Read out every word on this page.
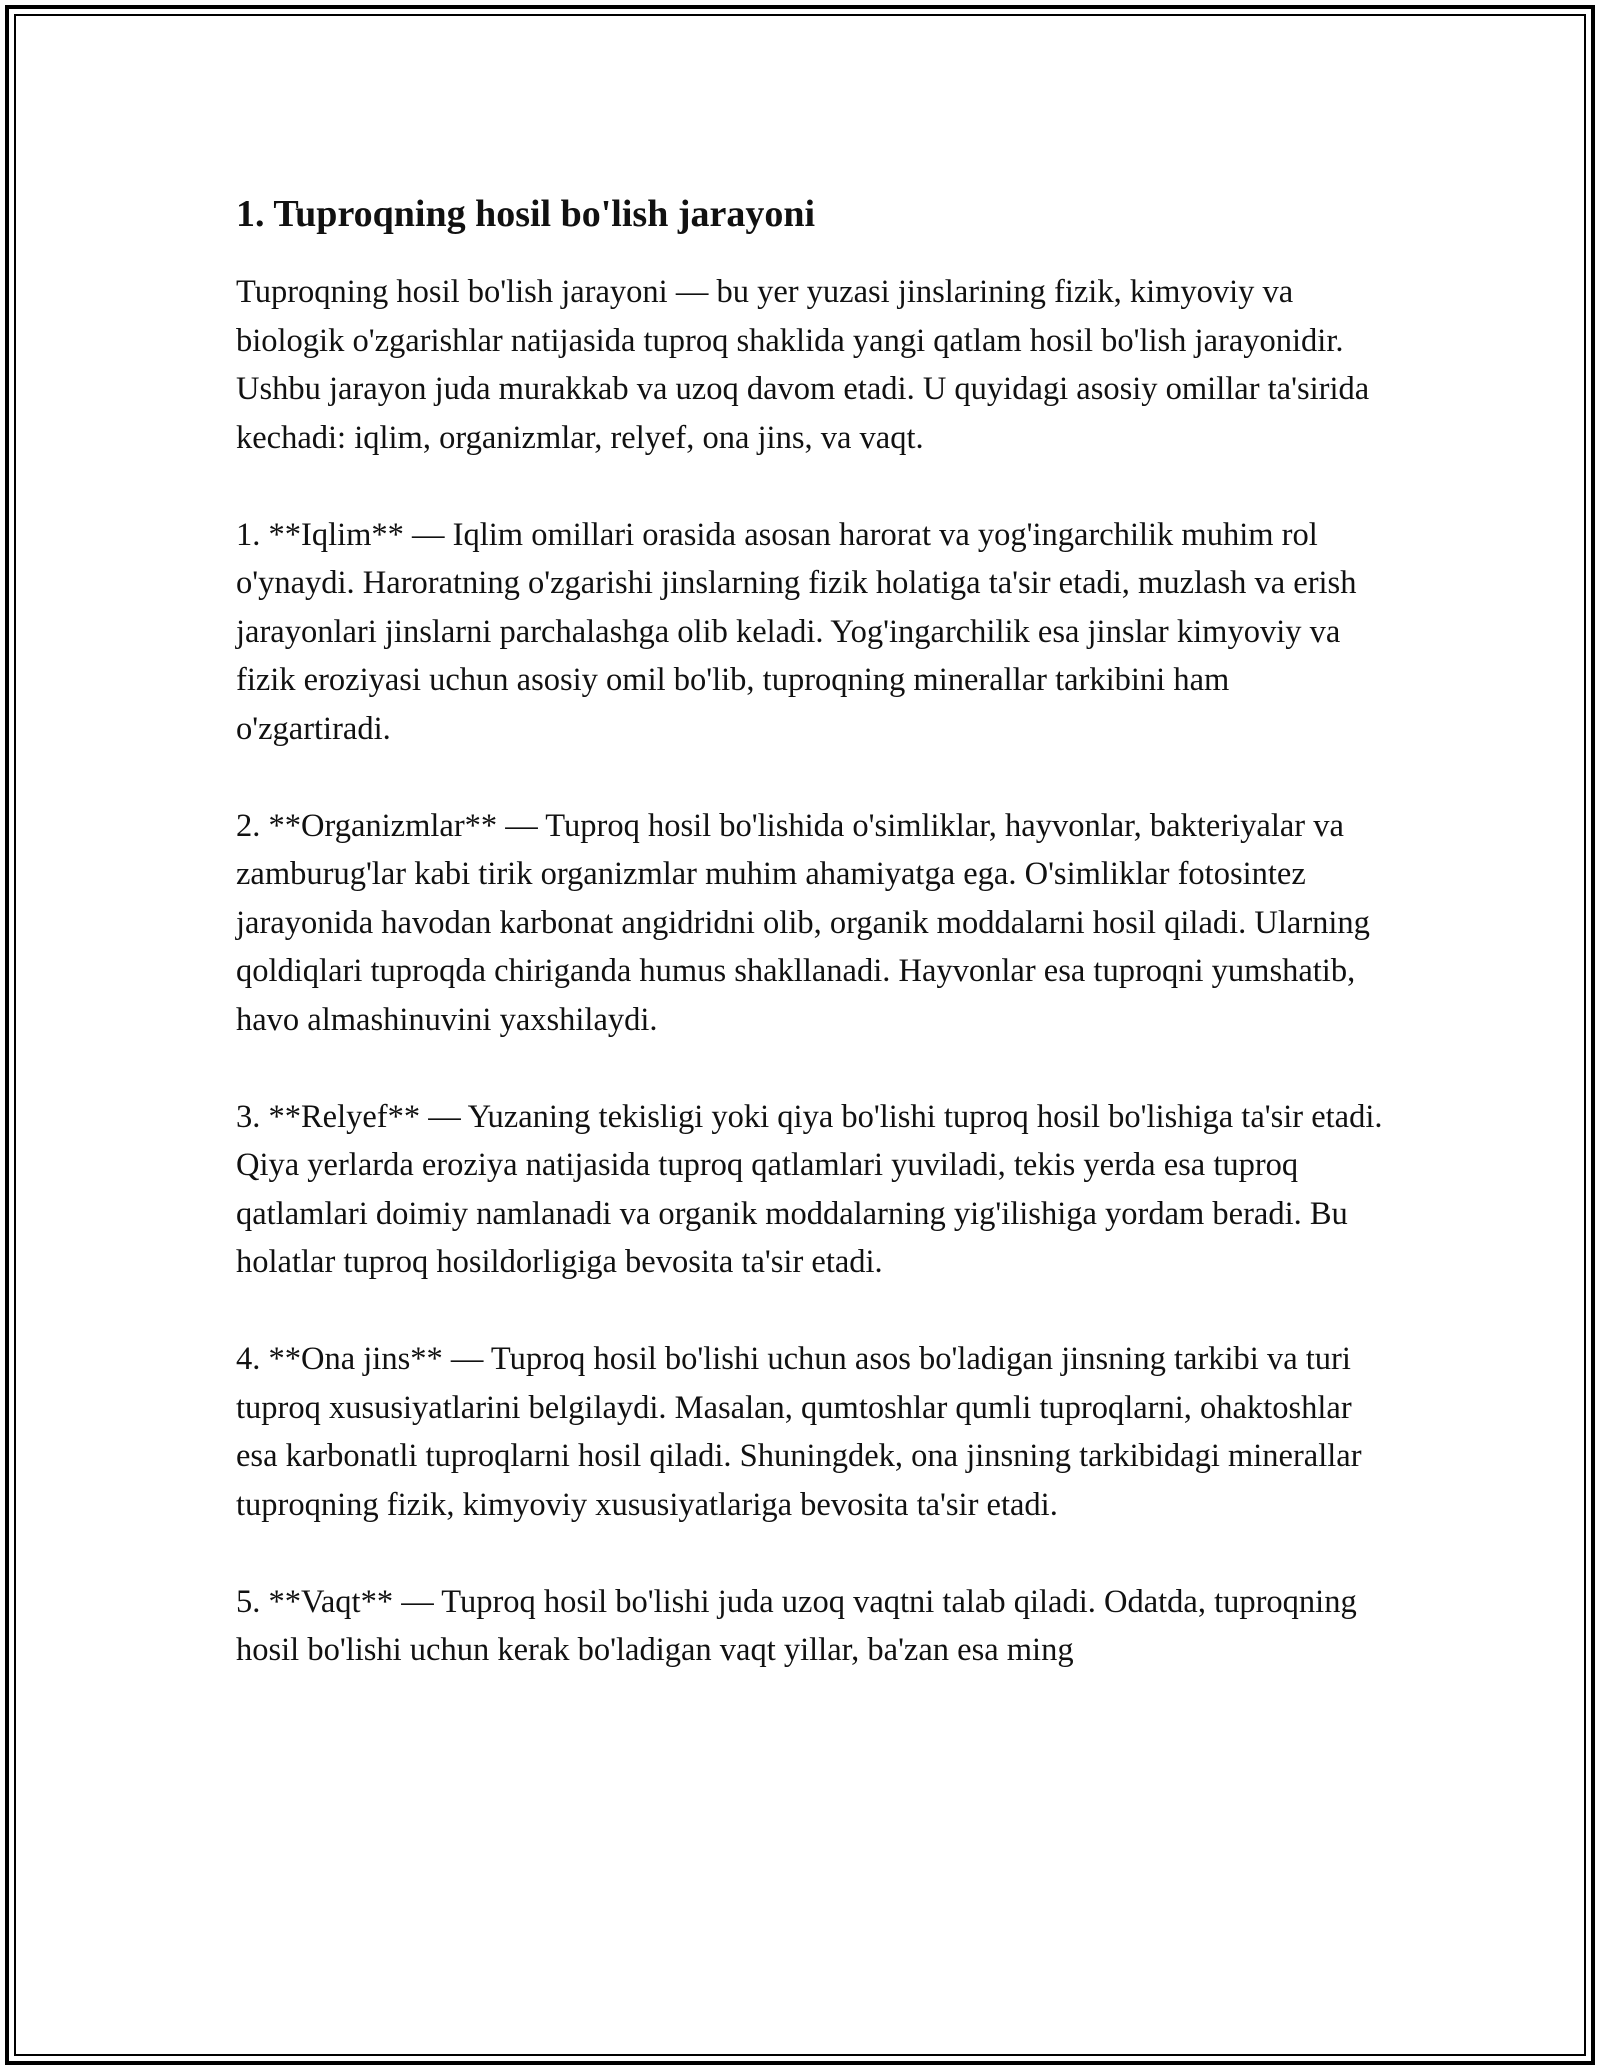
1. Tuproqning hosil bo'lish jarayoni

Tuproqning hosil bo'lish jarayoni — bu yer yuzasi jinslarining fizik, kimyoviy va biologik o'zgarishlar natijasida tuproq shaklida yangi qatlam hosil bo'lish jarayonidir. Ushbu jarayon juda murakkab va uzoq davom etadi. U quyidagi asosiy omillar ta'sirida kechadi: iqlim, organizmlar, relyef, ona jins, va vaqt.

1. **Iqlim** — Iqlim omillari orasida asosan harorat va yog'ingarchilik muhim rol o'ynaydi. Haroratning o'zgarishi jinslarning fizik holatiga ta'sir etadi, muzlash va erish jarayonlari jinslarni parchalashga olib keladi. Yog'ingarchilik esa jinslar kimyoviy va fizik eroziyasi uchun asosiy omil bo'lib, tuproqning minerallar tarkibini ham o'zgartiradi.

2. **Organizmlar** — Tuproq hosil bo'lishida o'simliklar, hayvonlar, bakteriyalar va zamburug'lar kabi tirik organizmlar muhim ahamiyatga ega. O'simliklar fotosintez jarayonida havodan karbonat angidridni olib, organik moddalarni hosil qiladi. Ularning qoldiqlari tuproqda chiriganda humus shakllanadi. Hayvonlar esa tuproqni yumshatib, havo almashinuvini yaxshilaydi.

3. **Relyef** — Yuzaning tekisligi yoki qiya bo'lishi tuproq hosil bo'lishiga ta'sir etadi. Qiya yerlarda eroziya natijasida tuproq qatlamlari yuviladi, tekis yerda esa tuproq qatlamlari doimiy namlanadi va organik moddalarning yig'ilishiga yordam beradi. Bu holatlar tuproq hosildorligiga bevosita ta'sir etadi.

4. **Ona jins** — Tuproq hosil bo'lishi uchun asos bo'ladigan jinsning tarkibi va turi tuproq xususiyatlarini belgilaydi. Masalan, qumtoshlar qumli tuproqlarni, ohaktoshlar esa karbonatli tuproqlarni hosil qiladi. Shuningdek, ona jinsning tarkibidagi minerallar tuproqning fizik, kimyoviy xususiyatlariga bevosita ta'sir etadi.

5. **Vaqt** — Tuproq hosil bo'lishi juda uzoq vaqtni talab qiladi. Odatda, tuproqning hosil bo'lishi uchun kerak bo'ladigan vaqt yillar, ba'zan esa ming
